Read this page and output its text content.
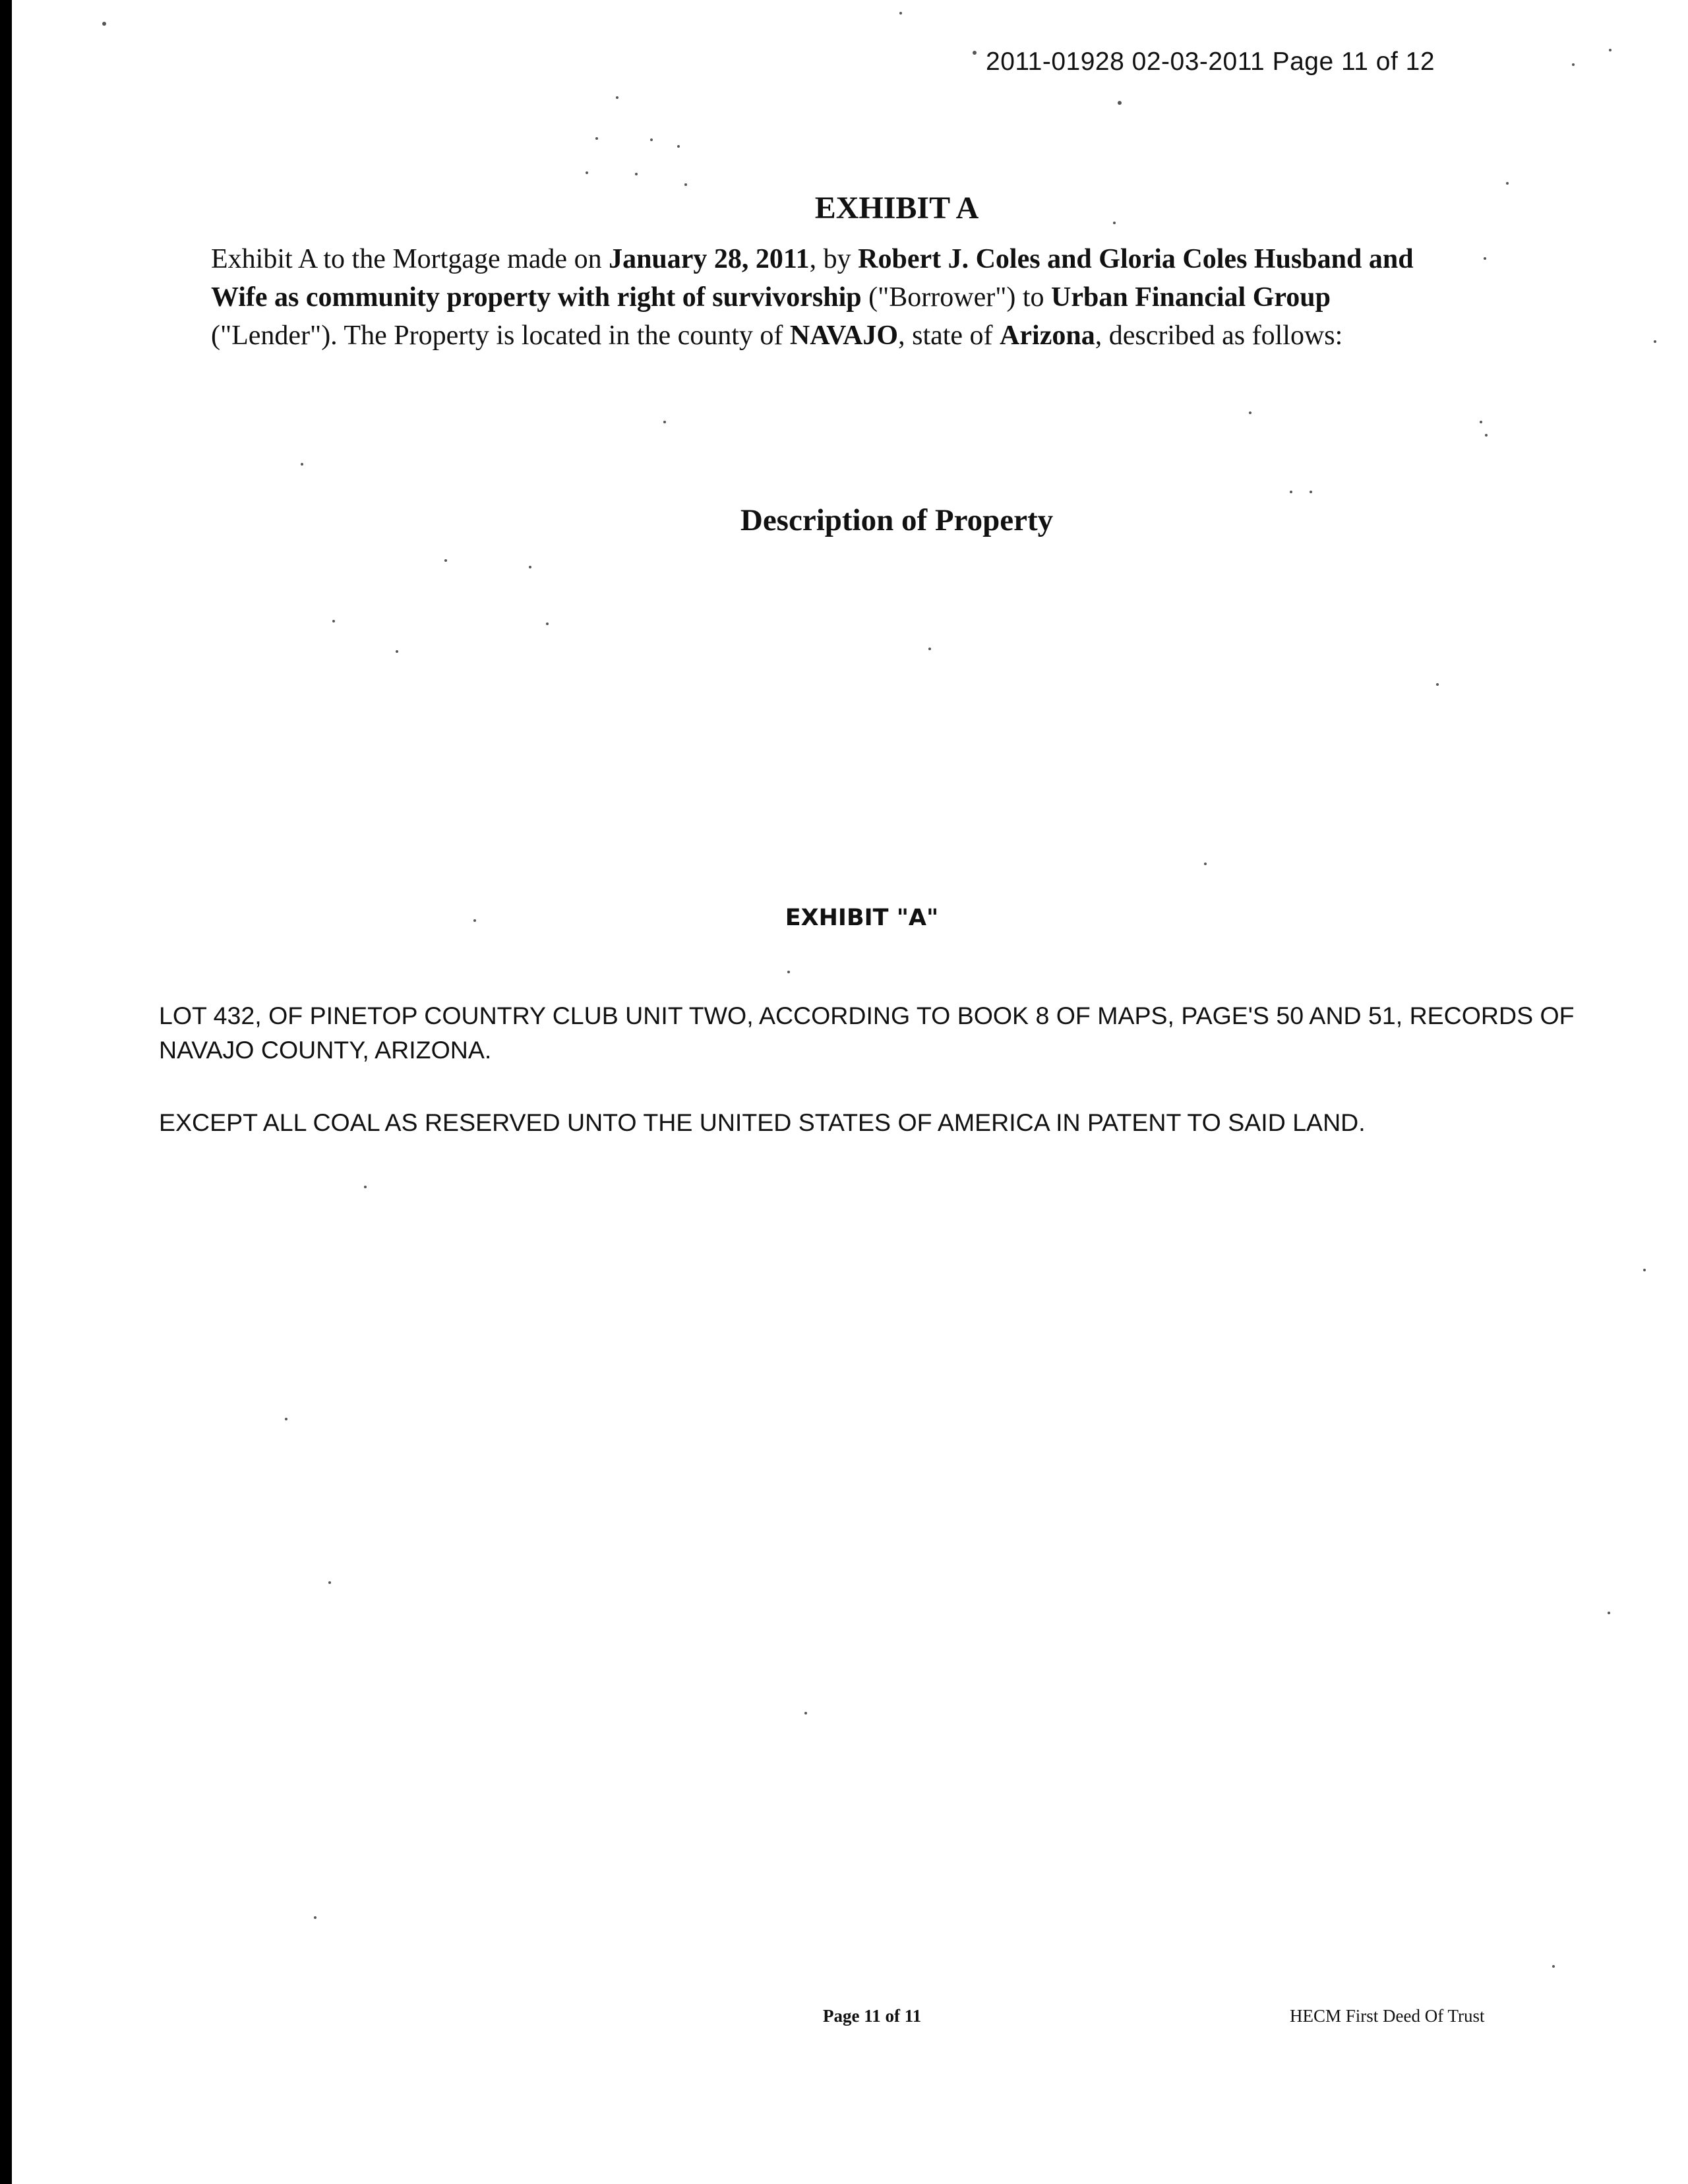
2011-01928 02-03-2011 Page 11 of 12
EXHIBIT A
Exhibit A to the Mortgage made on January 28, 2011, by Robert J. Coles and Gloria Coles Husband and Wife as community property with right of survivorship ("Borrower") to Urban Financial Group ("Lender"). The Property is located in the county of NAVAJO, state of Arizona, described as follows:
Description of Property
EXHIBIT "A"
LOT 432, OF PINETOP COUNTRY CLUB UNIT TWO, ACCORDING TO BOOK 8 OF MAPS, PAGE'S 50 AND 51, RECORDS OF NAVAJO COUNTY, ARIZONA.
EXCEPT ALL COAL AS RESERVED UNTO THE UNITED STATES OF AMERICA IN PATENT TO SAID LAND.
Page 11 of 11	HECM First Deed Of Trust
